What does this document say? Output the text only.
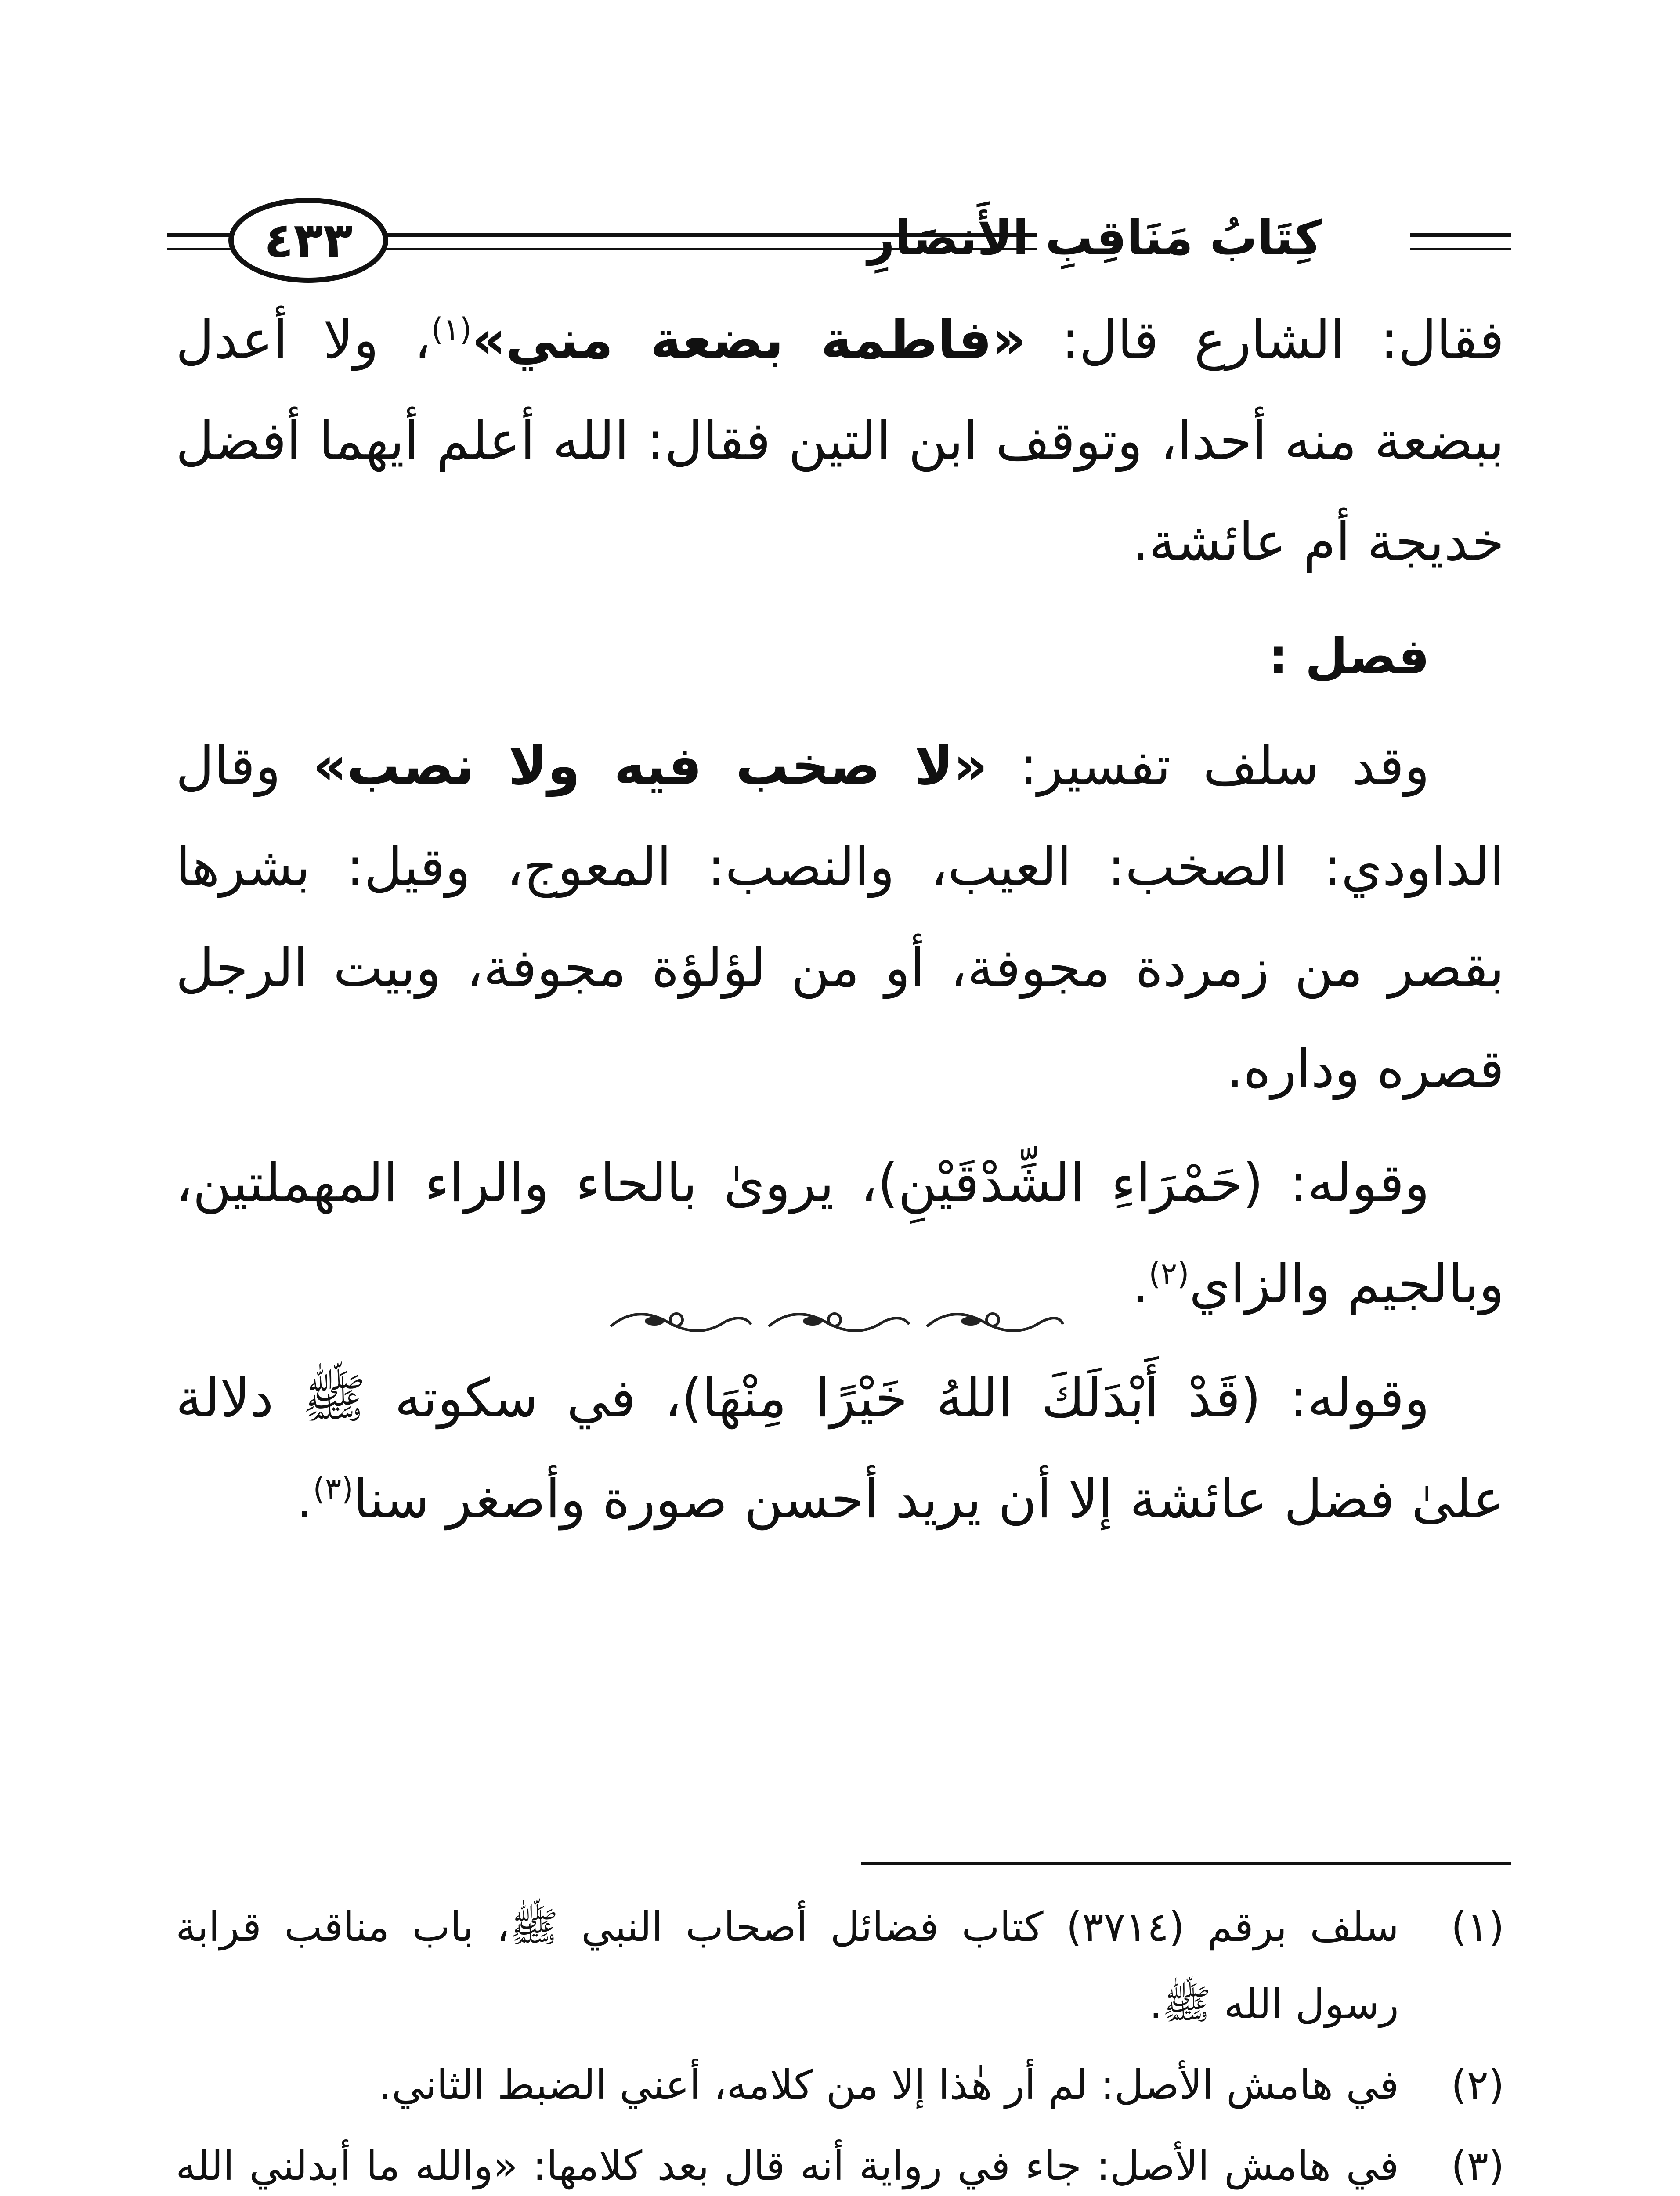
كِتَابُ مَنَاقِبِ الأَنصَارِ
٤٣٣

فقال: الشارع قال: «فاطمة بضعة مني»$^{(١)}$، ولا أعدل ببضعة منه أحدا، وتوقف ابن التين فقال: الله أعلم أيهما أفضل خديجة أم عائشة.

فصل :

وقد سلف تفسير: «لا صخب فيه ولا نصب» وقال الداودي: الصخب: العيب، والنصب: المعوج، وقيل: بشرها بقصر من زمردة مجوفة، أو من لؤلؤة مجوفة، وبيت الرجل قصره وداره.

وقوله: (حَمْرَاءِ الشِّدْقَيْنِ)، يروىٰ بالحاء والراء المهملتين، وبالجيم والزاي$^{(٢)}$.

وقوله: (قَدْ أَبْدَلَكَ اللهُ خَيْرًا مِنْهَا)، في سكوته ﷺ دلالة علىٰ فضل عائشة إلا أن يريد أحسن صورة وأصغر سنا$^{(٣)}$.

(١)
سلف برقم (٣٧١٤) كتاب فضائل أصحاب النبي ﷺ، باب مناقب قرابة رسول الله ﷺ.
(٢)
في هامش الأصل: لم أر هٰذا إلا من كلامه، أعني الضبط الثاني.
(٣)
في هامش الأصل: جاء في رواية أنه قال بعد كلامها: «والله ما أبدلني الله
